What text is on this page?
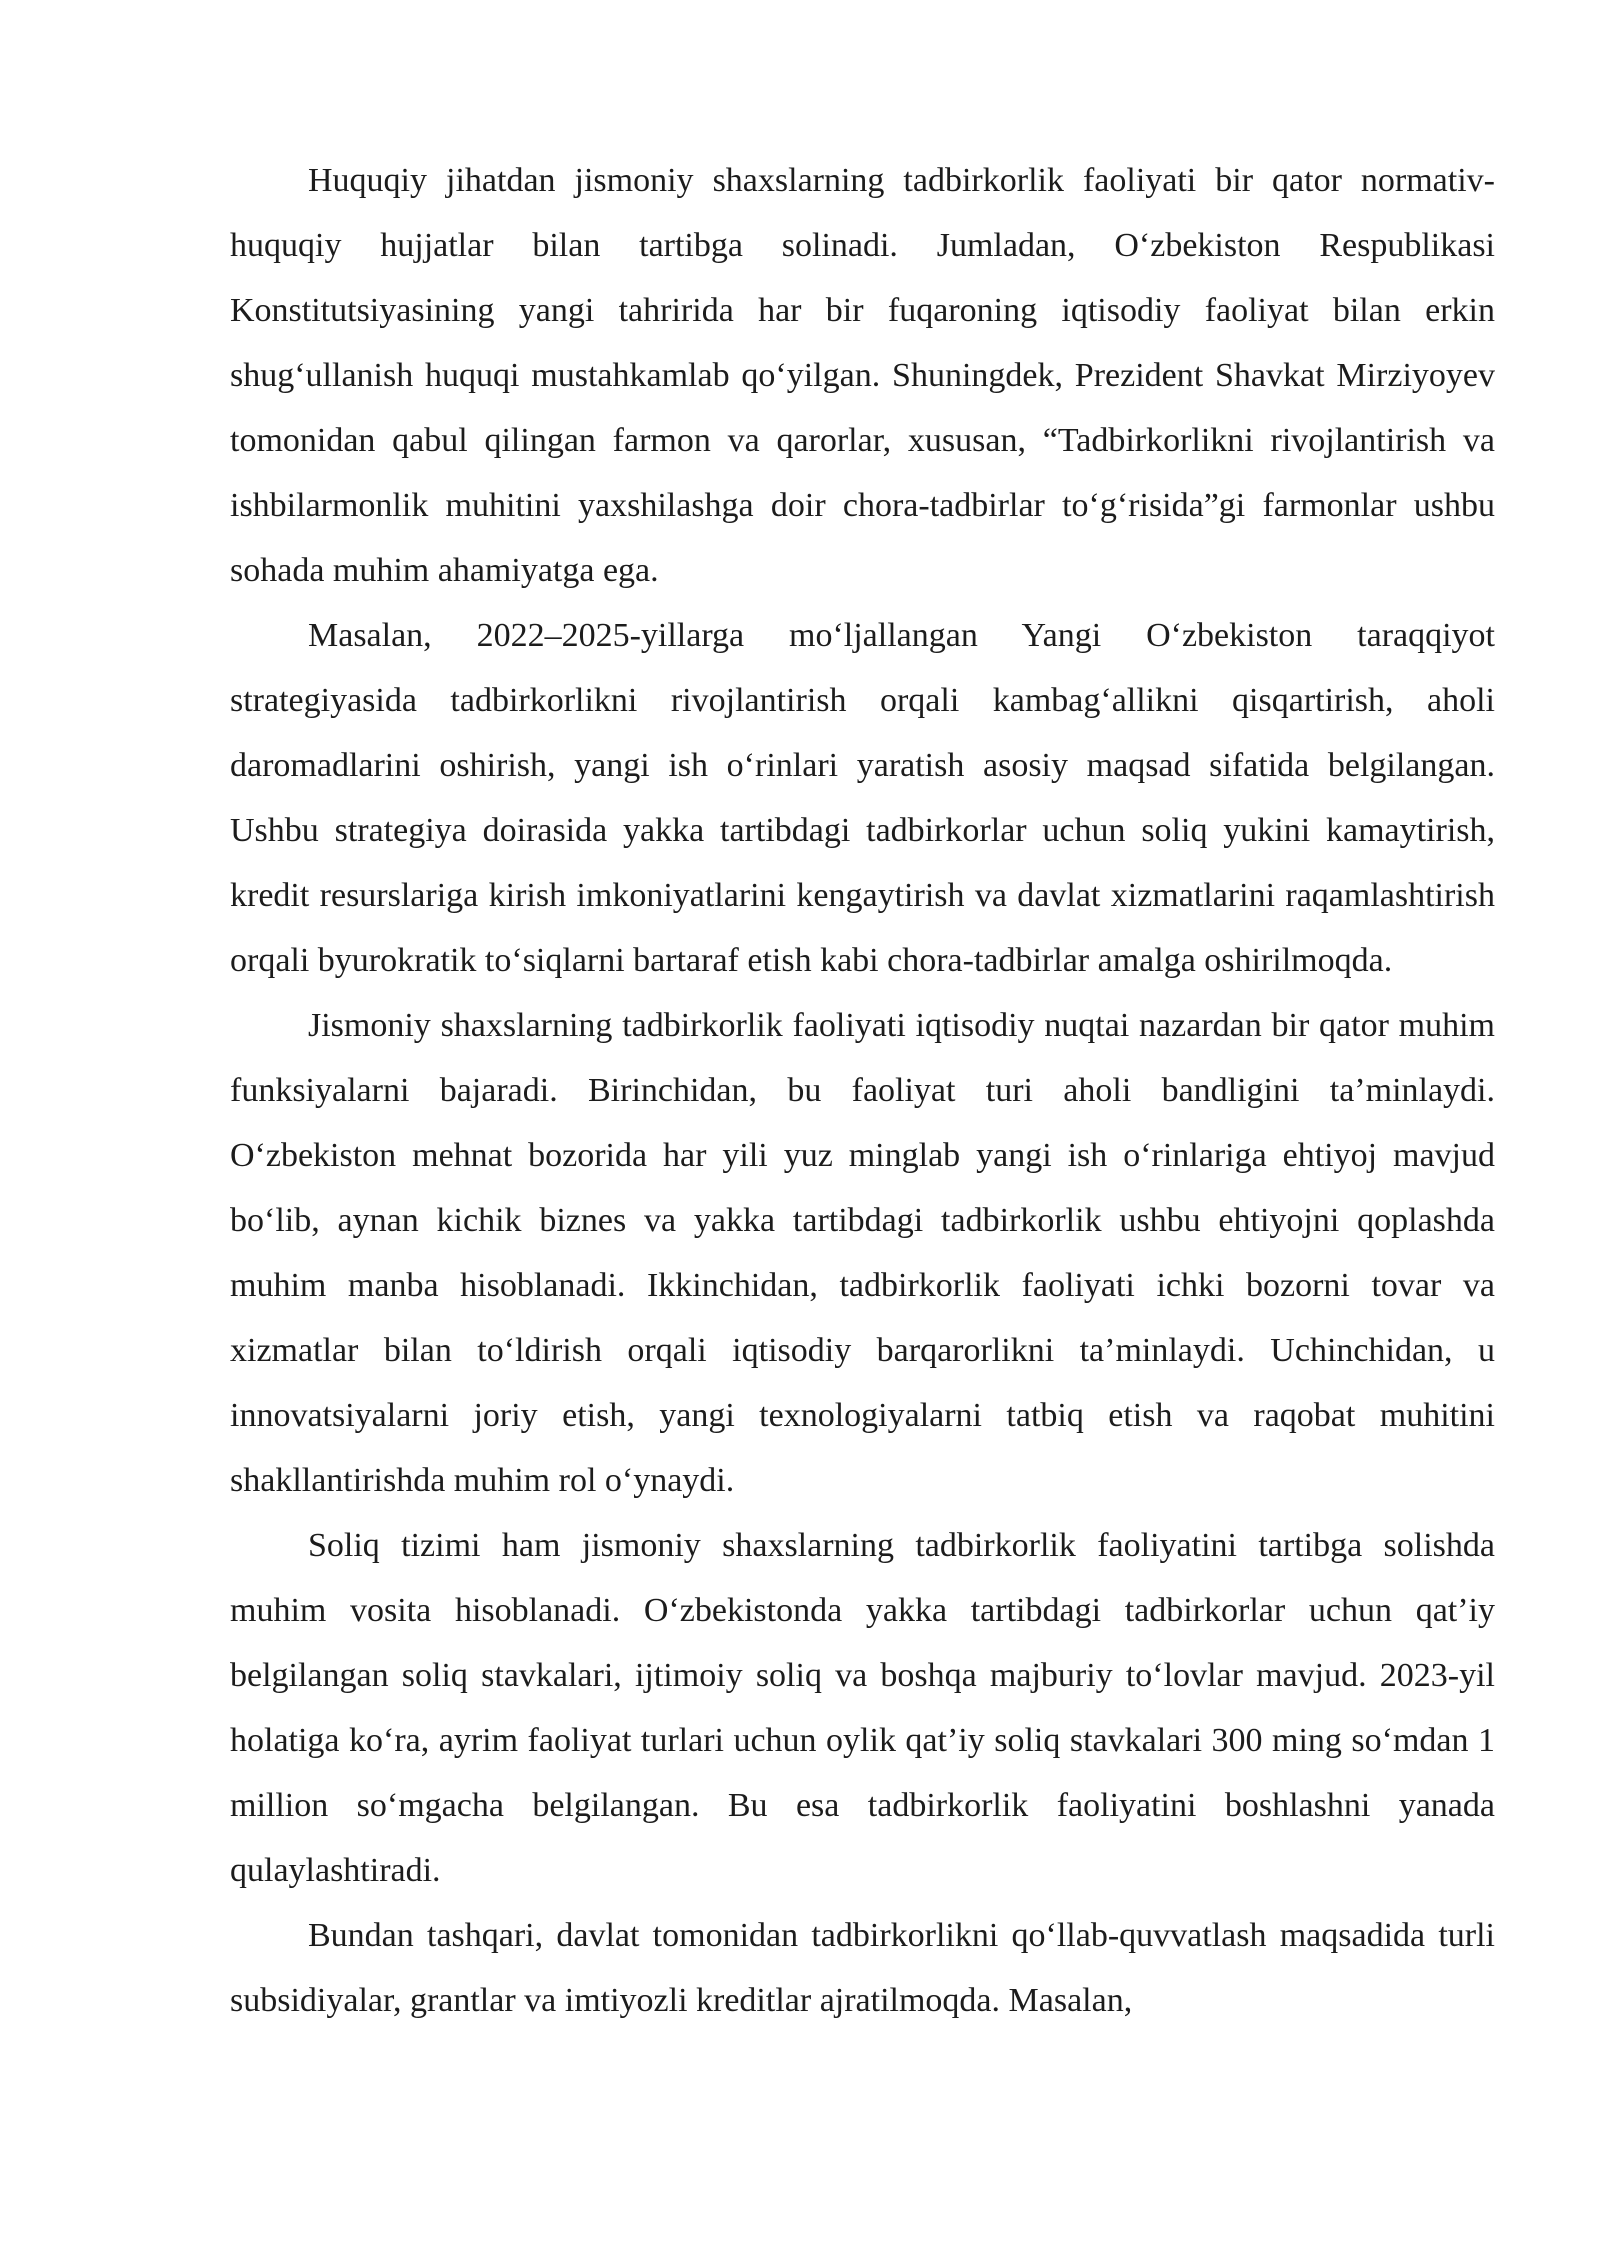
Huquqiy jihatdan jismoniy shaxslarning tadbirkorlik faoliyati bir qator normativ-huquqiy hujjatlar bilan tartibga solinadi. Jumladan, O‘zbekiston Respublikasi Konstitutsiyasining yangi tahririda har bir fuqaroning iqtisodiy faoliyat bilan erkin shug‘ullanish huquqi mustahkamlab qo‘yilgan. Shuningdek, Prezident Shavkat Mirziyoyev tomonidan qabul qilingan farmon va qarorlar, xususan, “Tadbirkorlikni rivojlantirish va ishbilarmonlik muhitini yaxshilashga doir chora-tadbirlar to‘g‘risida”gi farmonlar ushbu sohada muhim ahamiyatga ega.

Masalan, 2022–2025-yillarga mo‘ljallangan Yangi O‘zbekiston taraqqiyot strategiyasida tadbirkorlikni rivojlantirish orqali kambag‘allikni qisqartirish, aholi daromadlarini oshirish, yangi ish o‘rinlari yaratish asosiy maqsad sifatida belgilangan. Ushbu strategiya doirasida yakka tartibdagi tadbirkorlar uchun soliq yukini kamaytirish, kredit resurslariga kirish imkoniyatlarini kengaytirish va davlat xizmatlarini raqamlashtirish orqali byurokratik to‘siqlarni bartaraf etish kabi chora-tadbirlar amalga oshirilmoqda.

Jismoniy shaxslarning tadbirkorlik faoliyati iqtisodiy nuqtai nazardan bir qator muhim funksiyalarni bajaradi. Birinchidan, bu faoliyat turi aholi bandligini ta’minlaydi. O‘zbekiston mehnat bozorida har yili yuz minglab yangi ish o‘rinlariga ehtiyoj mavjud bo‘lib, aynan kichik biznes va yakka tartibdagi tadbirkorlik ushbu ehtiyojni qoplashda muhim manba hisoblanadi. Ikkinchidan, tadbirkorlik faoliyati ichki bozorni tovar va xizmatlar bilan to‘ldirish orqali iqtisodiy barqarorlikni ta’minlaydi. Uchinchidan, u innovatsiyalarni joriy etish, yangi texnologiyalarni tatbiq etish va raqobat muhitini shakllantirishda muhim rol o‘ynaydi.

Soliq tizimi ham jismoniy shaxslarning tadbirkorlik faoliyatini tartibga solishda muhim vosita hisoblanadi. O‘zbekistonda yakka tartibdagi tadbirkorlar uchun qat’iy belgilangan soliq stavkalari, ijtimoiy soliq va boshqa majburiy to‘lovlar mavjud. 2023-yil holatiga ko‘ra, ayrim faoliyat turlari uchun oylik qat’iy soliq stavkalari 300 ming so‘mdan 1 million so‘mgacha belgilangan. Bu esa tadbirkorlik faoliyatini boshlashni yanada qulaylashtiradi.

Bundan tashqari, davlat tomonidan tadbirkorlikni qo‘llab-quvvatlash maqsadida turli subsidiyalar, grantlar va imtiyozli kreditlar ajratilmoqda. Masalan,
